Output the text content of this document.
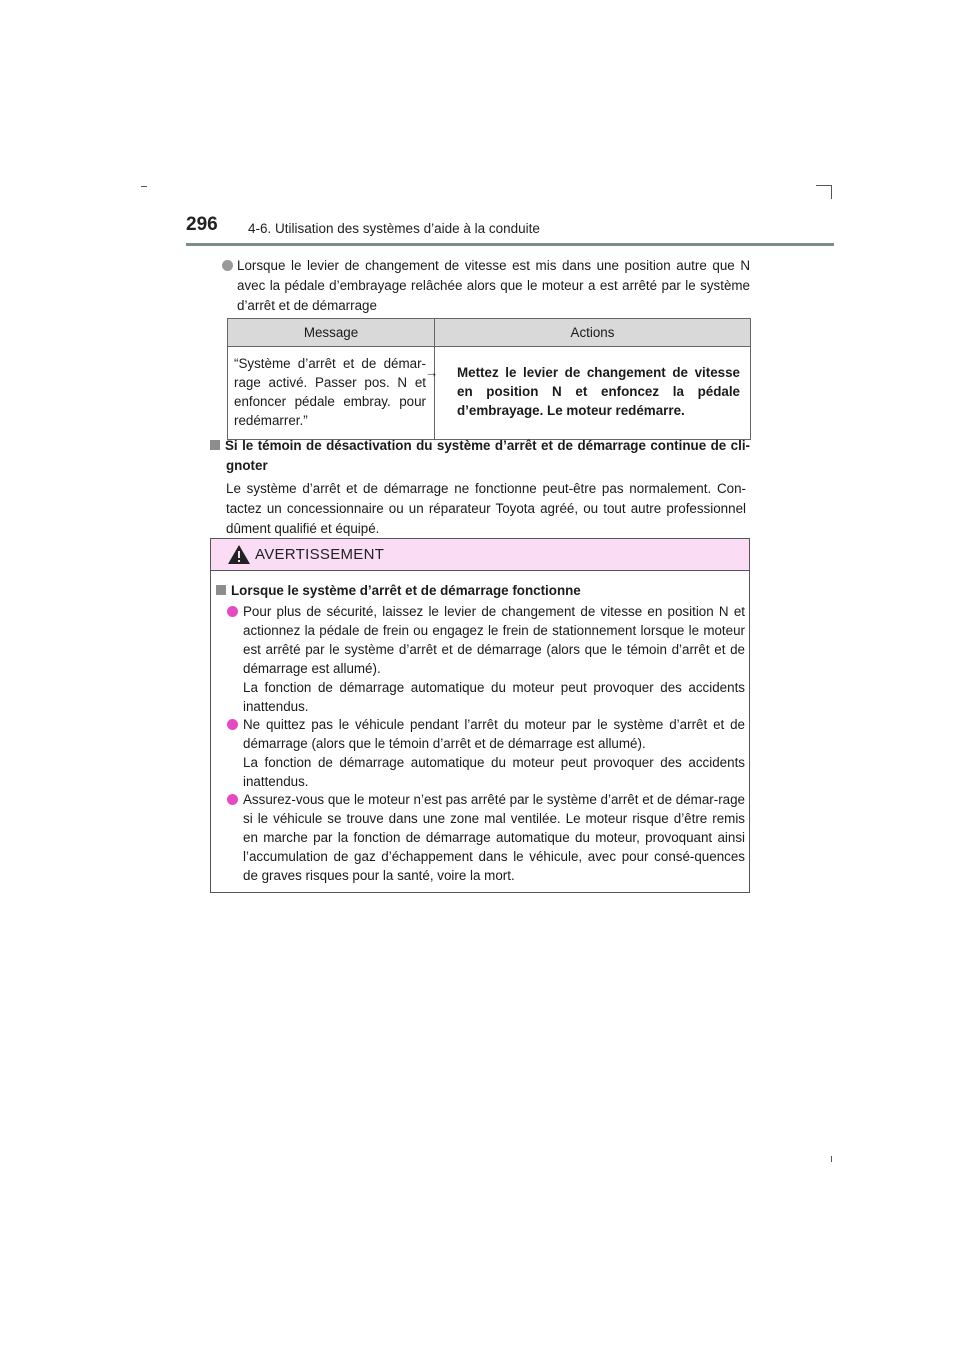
296 4-6. Utilisation des systèmes d’aide à la conduite
Lorsque le levier de changement de vitesse est mis dans une position autre que N avec la pédale d’embrayage relâchée alors que le moteur a est arrêté par le système d’arrêt et de démarrage
Message	Actions
“Système d’arrêt et de démar-rage activé. Passer pos. N et enfoncer pédale embray. pour redémarrer.”	→ Mettez le levier de changement de vitesse en position N et enfoncez la pédale d’embrayage. Le moteur redémarre.
Si le témoin de désactivation du système d’arrêt et de démarrage continue de cli-gnoter
Le système d’arrêt et de démarrage ne fonctionne peut-être pas normalement. Con-tactez un concessionnaire ou un réparateur Toyota agréé, ou tout autre professionnel dûment qualifié et équipé.
AVERTISSEMENT
Lorsque le système d’arrêt et de démarrage fonctionne
Pour plus de sécurité, laissez le levier de changement de vitesse en position N et actionnez la pédale de frein ou engagez le frein de stationnement lorsque le moteur est arrêté par le système d’arrêt et de démarrage (alors que le témoin d’arrêt et de démarrage est allumé).
La fonction de démarrage automatique du moteur peut provoquer des accidents inattendus.
Ne quittez pas le véhicule pendant l’arrêt du moteur par le système d’arrêt et de démarrage (alors que le témoin d’arrêt et de démarrage est allumé).
La fonction de démarrage automatique du moteur peut provoquer des accidents inattendus.
Assurez-vous que le moteur n’est pas arrêté par le système d’arrêt et de démar-rage si le véhicule se trouve dans une zone mal ventilée. Le moteur risque d’être remis en marche par la fonction de démarrage automatique du moteur, provoquant ainsi l’accumulation de gaz d’échappement dans le véhicule, avec pour consé-quences de graves risques pour la santé, voire la mort.
